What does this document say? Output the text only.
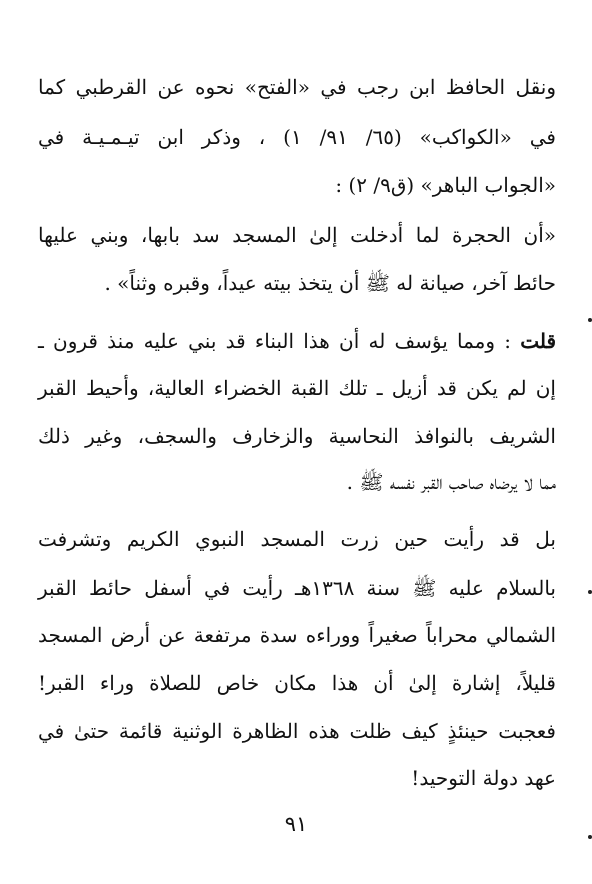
ونقل الحافظ ابن رجب في «الفتح» نحوه عن القرطبي كما
في «الكواكب» (٦٥/ ٩١/ ١) ، وذكر ابن تيـمـيـة في
«الجواب الباهر» (ق٩/ ٢) :
«أن الحجرة لما أدخلت إلىٰ المسجد سد بابها، وبني عليها
حائط آخر، صيانة له ﷺ أن يتخذ بيته عيداً، وقبره وثناً» .
قلت : ومما يؤسف له أن هذا البناء قد بني عليه منذ قرون ـ
إن لم يكن قد أزيل ـ تلك القبة الخضراء العالية، وأحيط القبر
الشريف بالنوافذ النحاسية والزخارف والسجف، وغير ذلك
مما لا يرضاه صاحب القبر نفسه ﷺ .
بل قد رأيت حين زرت المسجد النبوي الكريم وتشرفت
بالسلام عليه ﷺ سنة ١٣٦٨هـ رأيت في أسفل حائط القبر
الشمالي محراباً صغيراً ووراءه سدة مرتفعة عن أرض المسجد
قليلاً، إشارة إلىٰ أن هذا مكان خاص للصلاة وراء القبر!
فعجبت حينئذٍ كيف ظلت هذه الظاهرة الوثنية قائمة حتىٰ في
عهد دولة التوحيد!
٩١
